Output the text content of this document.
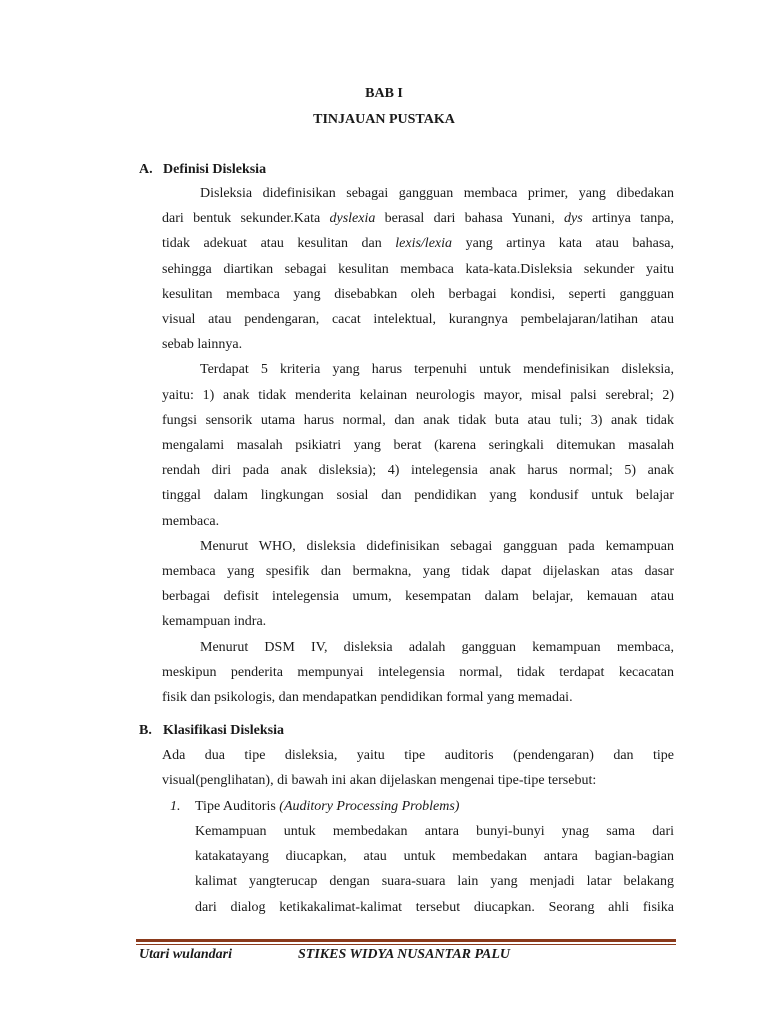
BAB I
TINJAUAN PUSTAKA
A. Definisi Disleksia
Disleksia didefinisikan sebagai gangguan membaca primer, yang dibedakan
dari bentuk sekunder.Kata dyslexia berasal dari bahasa Yunani, dys artinya tanpa,
tidak adekuat atau kesulitan dan lexis/lexia yang artinya kata atau bahasa,
sehingga diartikan sebagai kesulitan membaca kata-kata.Disleksia sekunder yaitu
kesulitan membaca yang disebabkan oleh berbagai kondisi, seperti gangguan
visual atau pendengaran, cacat intelektual, kurangnya pembelajaran/latihan atau
sebab lainnya.
Terdapat 5 kriteria yang harus terpenuhi untuk mendefinisikan disleksia,
yaitu: 1) anak tidak menderita kelainan neurologis mayor, misal palsi serebral; 2)
fungsi sensorik utama harus normal, dan anak tidak buta atau tuli; 3) anak tidak
mengalami masalah psikiatri yang berat (karena seringkali ditemukan masalah
rendah diri pada anak disleksia); 4) intelegensia anak harus normal; 5) anak
tinggal dalam lingkungan sosial dan pendidikan yang kondusif untuk belajar
membaca.
Menurut WHO, disleksia didefinisikan sebagai gangguan pada kemampuan
membaca yang spesifik dan bermakna, yang tidak dapat dijelaskan atas dasar
berbagai defisit intelegensia umum, kesempatan dalam belajar, kemauan atau
kemampuan indra.
Menurut DSM IV, disleksia adalah gangguan kemampuan membaca,
meskipun penderita mempunyai intelegensia normal, tidak terdapat kecacatan
fisik dan psikologis, dan mendapatkan pendidikan formal yang memadai.
B. Klasifikasi Disleksia
Ada dua tipe disleksia, yaitu tipe auditoris (pendengaran) dan tipe
visual(penglihatan), di bawah ini akan dijelaskan mengenai tipe-tipe tersebut:
1. Tipe Auditoris (Auditory Processing Problems)
Kemampuan untuk membedakan antara bunyi-bunyi ynag sama dari
katakatayang diucapkan, atau untuk membedakan antara bagian-bagian
kalimat yangterucap dengan suara-suara lain yang menjadi latar belakang
dari dialog ketikakalimat-kalimat tersebut diucapkan. Seorang ahli fisika
Utari wulandari	STIKES WIDYA NUSANTAR PALU
